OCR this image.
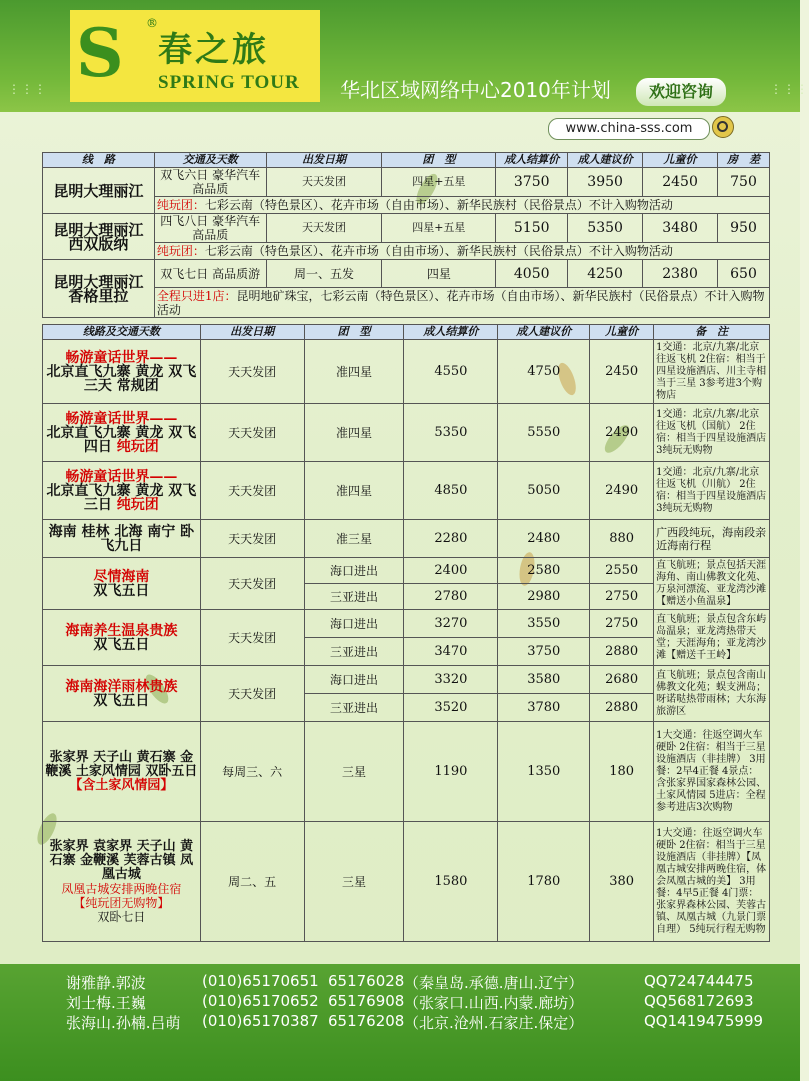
⋮⋮⋮	⋮⋮⋮
S ®
春之旅
SPRING TOUR 华北区域网络中心2010年计划	欢迎咨询
www.china-sss.com
线　路	交通及天数	出发日期	团　型	成人结算价	成人建议价	儿童价	房　差
昆明大理丽江	双飞六日 豪华汽车高品质	天天发团	四星+五星	3750	3950	2450	750
	纯玩团：七彩云南（特色景区）、花卉市场（自由市场）、新华民族村（民俗景点）不计入购物活动						
昆明大理丽江 西双版纳	四飞八日 豪华汽车高品质	天天发团	四星+五星	5150	5350	3480	950
	纯玩团：七彩云南（特色景区）、花卉市场（自由市场）、新华民族村（民俗景点）不计入购物活动						
昆明大理丽江 香格里拉	双飞七日 高品质游	周一、五发	四星	4050	4250	2380	650
	全程只进1店：昆明地矿珠宝，七彩云南（特色景区）、花卉市场（自由市场）、新华民族村（民俗景点）不计入购物活动						
线路及交通天数	出发日期	团　型	成人结算价	成人建议价	儿童价	备　注

畅游童话世界——
北京直飞九寨 黄龙 双飞三天 常规团	天天发团	准四星	4550	4750	2450	1交通：北京/九寨/北京往返飞机 2住宿：相当于四星设施酒店、川主寺相当于三星 3参考进3个购物店

畅游童话世界——
北京直飞九寨 黄龙 双飞四日 纯玩团	天天发团	准四星	5350	5550	2490	1交通：北京/九寨/北京往返飞机（国航） 2住宿：相当于四星设施酒店 3纯玩无购物

畅游童话世界——
北京直飞九寨 黄龙 双飞三日 纯玩团	天天发团	准四星	4850	5050	2490	1交通：北京/九寨/北京往返飞机（川航） 2住宿：相当于四星设施酒店 3纯玩无购物
海南 桂林 北海 南宁 卧飞九日	天天发团	准三星	2280	2480	880	广西段纯玩，海南段亲近海南行程

尽情海南
双飞五日	天天发团	海口进出	2400	2580	2550	直飞航班；景点包括天涯海角、南山佛教文化苑、万泉河漂流、亚龙湾沙滩【赠送小鱼温泉】
		三亚进出	2780	2980	2750	

海南养生温泉贵族
双飞五日	天天发团	海口进出	3270	3550	2750	直飞航班；景点包含东屿岛温泉；亚龙湾热带天堂；天涯海角；亚龙湾沙滩【赠送千王岭】
		三亚进出	3470	3750	2880	

海南海洋雨林贵族
双飞五日	天天发团	海口进出	3320	3580	2680	直飞航班；景点包含南山佛教文化苑；蜈支洲岛；呀诺哒热带雨林；大东海旅游区
		三亚进出	3520	3780	2880	

张家界 天子山 黄石寨 金鞭溪 土家风情园 双卧五日
【含土家风情园】	每周三、六	三星	1190	1350	180	1大交通：往返空调火车硬卧 2住宿：相当于三星设施酒店（非挂牌） 3用餐：2早4正餐 4景点：含张家界国家森林公园、土家风情园 5进店：全程参考进店3次购物

张家界 袁家界 天子山 黄石寨 金鞭溪 芙蓉古镇 凤凰古城
凤凰古城安排两晚住宿
【纯玩团无购物】
双卧七日	周二、五	三星	1580	1780	380	1大交通：往返空调火车硬卧 2住宿：相当于三星设施酒店（非挂牌）【凤凰古城安排两晚住宿，体会凤凰古城的美】 3用餐：4早5正餐 4门票：张家界森林公园、芙蓉古镇、凤凰古城（九景门票自理） 5纯玩行程无购物
谢雅静.郭波	(010)65170651 65176028 （秦皇岛.承德.唐山.辽宁）	QQ724744475
刘士梅.王巍	(010)65170652 65176908 （张家口.山西.内蒙.廊坊）	QQ568172693
张海山.孙楠.吕萌 (010)65170387 65176208 （北京.沧州.石家庄.保定）	QQ1419475999
